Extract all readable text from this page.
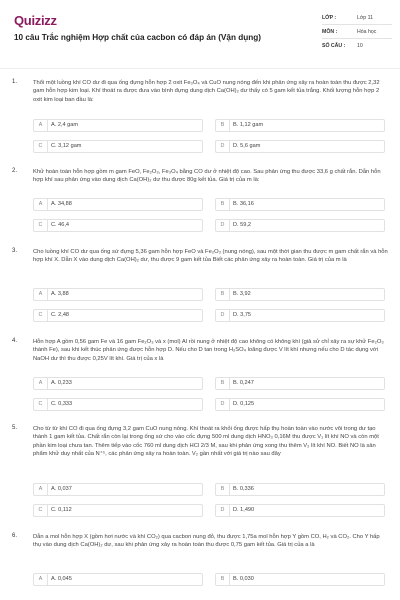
Quizizz
10 câu Trắc nghiệm Hợp chất của cacbon có đáp án (Vận dụng)
LỚP :	Lớp 11
MÔN :	Hóa học
SỐ CÂU : 10
1.	Thổi một luồng khí CO dư đi qua ống đựng hỗn hợp 2 oxit Fe₃O₄ và CuO nung nóng đến khi phản ứng xảy ra hoàn toàn thu được 2,32 gam hỗn hợp kim loại. Khí thoát ra được đưa vào bình đựng dung dịch Ca(OH)₂ dư thấy có 5 gam kết tủa trắng. Khối lượng hỗn hợp 2 oxit kim loại ban đầu là:
A	A. 2,4 gam	B	B. 1,12 gam
C	C. 3,12 gam	D	D. 5,6 gam
2.	Khử hoàn toàn hỗn hợp gồm m gam FeO, Fe₂O₃, Fe₃O₄ bằng CO dư ở nhiệt độ cao. Sau phản ứng thu được 33,6 g chất rắn. Dẫn hỗn hợp khí sau phản ứng vào dung dịch Ca(OH)₂ dư thu được 80g kết tủa. Giá trị của m là:
A	A. 34,88	B	B. 36,16
C	C. 46,4	D	D. 59,2
3.	Cho luồng khí CO dư qua ống sứ đựng 5,36 gam hỗn hợp FeO và Fe₂O₃ (nung nóng), sau một thời gian thu được m gam chất rắn và hỗn hợp khí X. Dẫn X vào dung dịch Ca(OH)₂ dư, thu được 9 gam kết tủa Biết các phản ứng xảy ra hoàn toàn. Giá trị của m là
A	A. 3,88	B	B. 3,92
C	C. 2,48	D	D. 3,75
4.	Hỗn hợp A gồm 0,56 gam Fe và 16 gam Fe₂O₃ và x (mol) Al rồi nung ở nhiệt độ cao không có không khí (giả sử chỉ xảy ra sự khử Fe₂O₃ thành Fe), sau khi kết thúc phản ứng được hỗn hợp D. Nếu cho D tan trong H₂SO₄ loãng được V lít khí nhưng nếu cho D tác dụng với NaOH dư thì thu được 0,25V lít khí. Giá trị của x là
A	A. 0,233	B	B. 0,247
C	C. 0,333	D	D. 0,125
5.	Cho từ từ khí CO đi qua ống đựng 3,2 gam CuO nung nóng. Khí thoát ra khỏi ống được hấp thụ hoàn toàn vào nước vôi trong dư tạo thành 1 gam kết tủa. Chất rắn còn lại trong ống sứ cho vào cốc đựng 500 ml dung dịch HNO₃ 0,16M thu được V₁ lít khí NO và còn một phần kim loại chưa tan. Thêm tiếp vào cốc 760 ml dung dịch HCl 2/3 M, sau khi phản ứng xong thu thêm V₂ lít khí NO. Biết NO là sản phẩm khử duy nhất của N⁺⁵, các phản ứng xảy ra hoàn toàn. V₂ gần nhất với giá trị nào sau đây
A	A. 0,037	B	B. 0,336
C	C. 0,112	D	D. 1,490
6.	Dẫn a mol hỗn hợp X (gồm hơi nước và khí CO₂) qua cacbon nung đỏ, thu được 1,75a mol hỗn hợp Y gồm CO, H₂ và CO₂. Cho Y hấp thụ vào dung dịch Ca(OH)₂ dư, sau khi phản ứng xảy ra hoàn toàn thu được 0,75 gam kết tủa. Giá trị của a là
A	A. 0,045	B	B. 0,030
